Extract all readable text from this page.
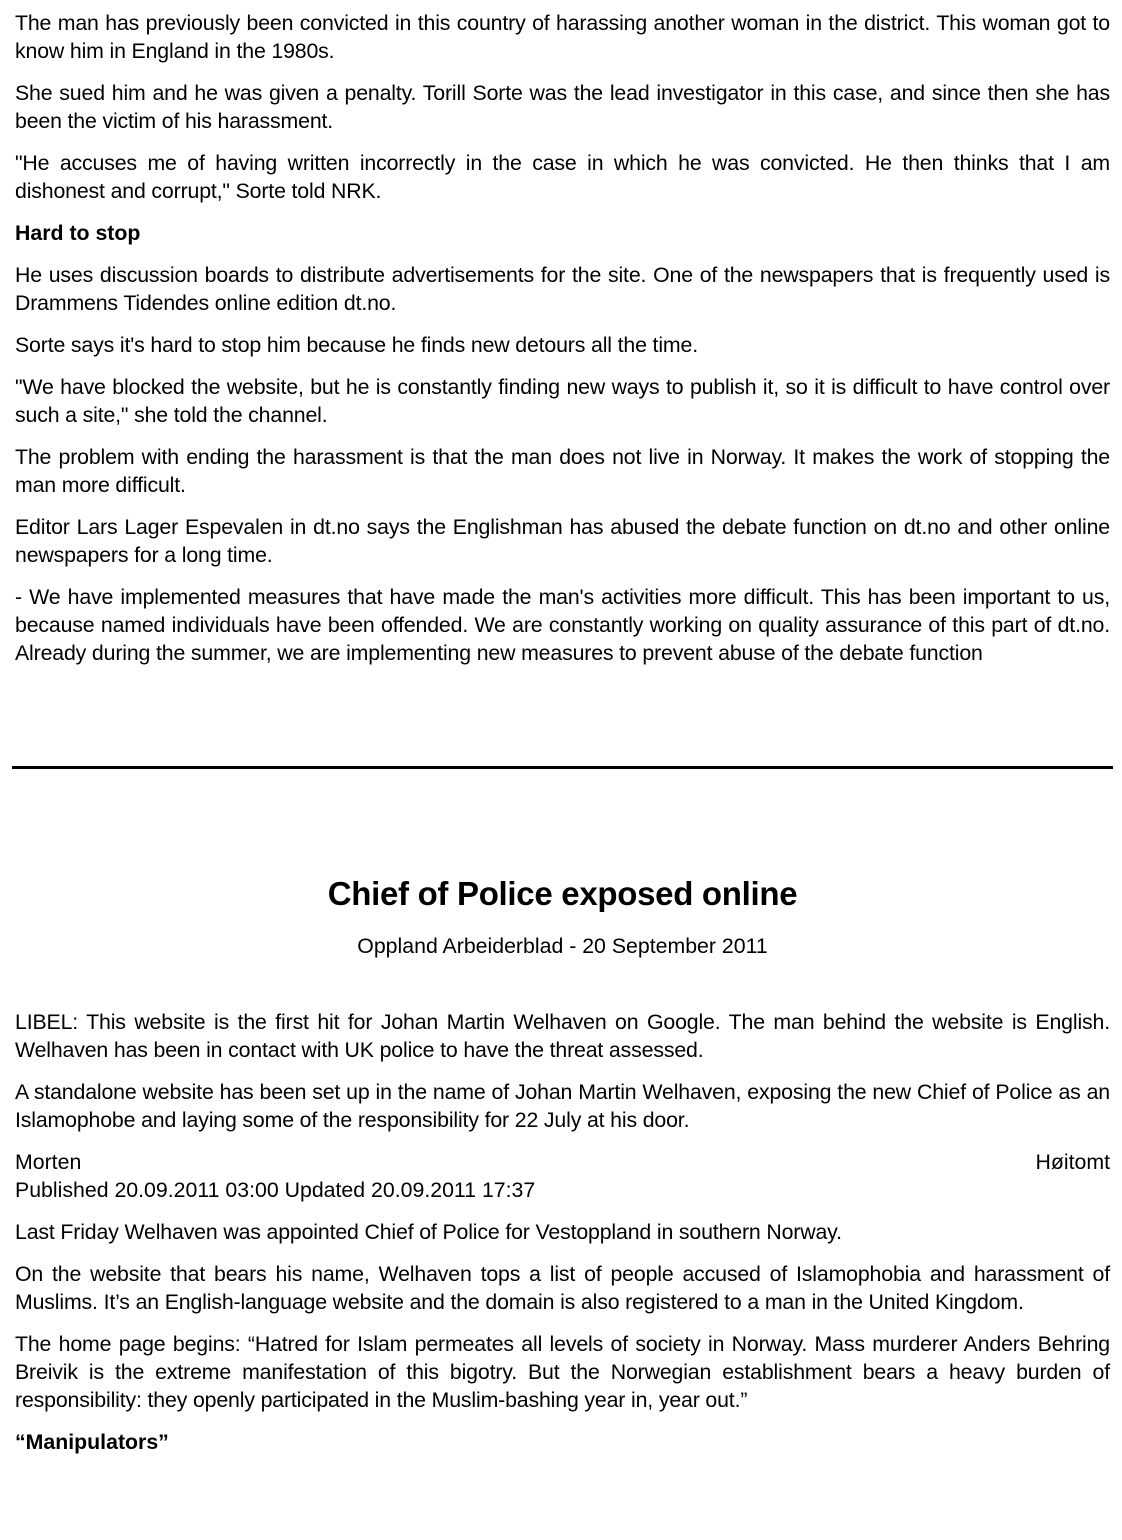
The man has previously been convicted in this country of harassing another woman in the district. This woman got to know him in England in the 1980s.

She sued him and he was given a penalty. Torill Sorte was the lead investigator in this case, and since then she has been the victim of his harassment.

"He accuses me of having written incorrectly in the case in which he was convicted. He then thinks that I am dishonest and corrupt," Sorte told NRK.

Hard to stop

He uses discussion boards to distribute advertisements for the site. One of the newspapers that is frequently used is Drammens Tidendes online edition dt.no.

Sorte says it's hard to stop him because he finds new detours all the time.

"We have blocked the website, but he is constantly finding new ways to publish it, so it is difficult to have control over such a site," she told the channel.

The problem with ending the harassment is that the man does not live in Norway. It makes the work of stopping the man more difficult.

Editor Lars Lager Espevalen in dt.no says the Englishman has abused the debate function on dt.no and other online newspapers for a long time.

- We have implemented measures that have made the man's activities more difficult. This has been important to us, because named individuals have been offended. We are constantly working on quality assurance of this part of dt.no. Already during the summer, we are implementing new measures to prevent abuse of the debate function

Chief of Police exposed online
Oppland Arbeiderblad - 20 September 2011

LIBEL: This website is the first hit for Johan Martin Welhaven on Google. The man behind the website is English. Welhaven has been in contact with UK police to have the threat assessed.

A standalone website has been set up in the name of Johan Martin Welhaven, exposing the new Chief of Police as an Islamophobe and laying some of the responsibility for 22 July at his door.

Morten	Høitomt
Published 20.09.2011 03:00 Updated 20.09.2011 17:37

Last Friday Welhaven was appointed Chief of Police for Vestoppland in southern Norway.

On the website that bears his name, Welhaven tops a list of people accused of Islamophobia and harassment of Muslims. It’s an English-language website and the domain is also registered to a man in the United Kingdom.

The home page begins: “Hatred for Islam permeates all levels of society in Norway. Mass murderer Anders Behring Breivik is the extreme manifestation of this bigotry. But the Norwegian establishment bears a heavy burden of responsibility: they openly participated in the Muslim-bashing year in, year out.”

“Manipulators”
